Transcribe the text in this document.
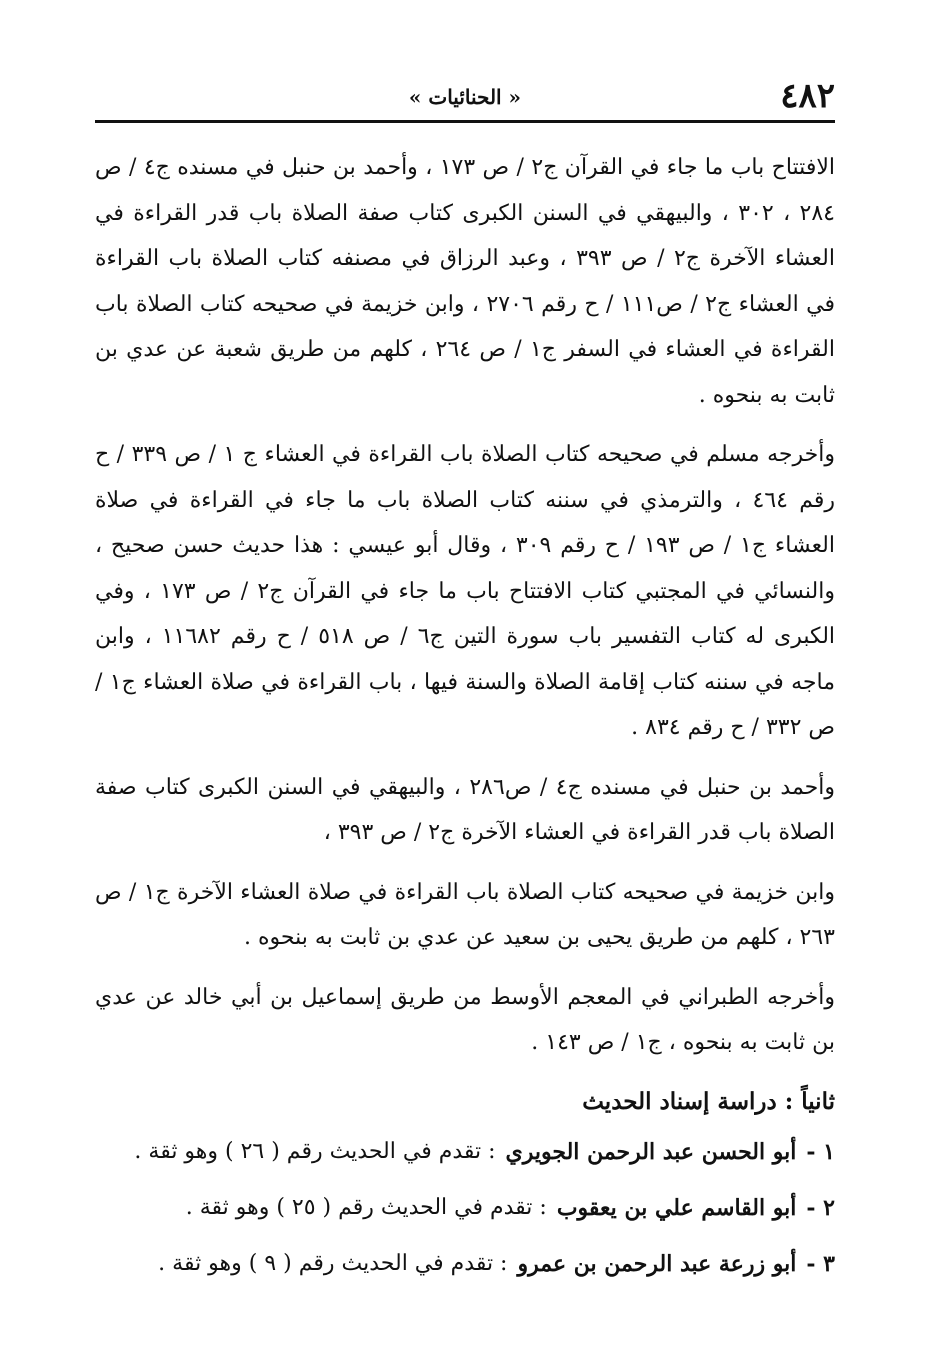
٤٨٢
« الحنائيات »

الافتتاح باب ما جاء في القرآن ج٢ / ص ١٧٣ ، وأحمد بن حنبل في مسنده ج٤ / ص ٢٨٤ ، ٣٠٢ ، والبيهقي في السنن الكبرى كتاب صفة الصلاة باب قدر القراءة في العشاء الآخرة ج٢ / ص ٣٩٣ ، وعبد الرزاق في مصنفه كتاب الصلاة باب القراءة في العشاء ج٢ / ص١١١ / ح رقم ٢٧٠٦ ، وابن خزيمة في صحيحه كتاب الصلاة باب القراءة في العشاء في السفر ج١ / ص ٢٦٤ ، كلهم من طريق شعبة عن عدي بن ثابت به بنحوه .

وأخرجه مسلم في صحيحه كتاب الصلاة باب القراءة في العشاء ج ١ / ص ٣٣٩ / ح رقم ٤٦٤ ، والترمذي في سننه كتاب الصلاة باب ما جاء في القراءة في صلاة العشاء ج١ / ص ١٩٣ / ح رقم ٣٠٩ ، وقال أبو عيسي : هذا حديث حسن صحيح ، والنسائي في المجتبي كتاب الافتتاح باب ما جاء في القرآن ج٢ / ص ١٧٣ ، وفي الكبرى له كتاب التفسير باب سورة التين ج٦ / ص ٥١٨ / ح رقم ١١٦٨٢ ، وابن ماجه في سننه كتاب إقامة الصلاة والسنة فيها ، باب القراءة في صلاة العشاء ج١ / ص ٣٣٢ / ح رقم ٨٣٤ .

وأحمد بن حنبل في مسنده ج٤ / ص٢٨٦ ، والبيهقي في السنن الكبرى كتاب صفة الصلاة باب قدر القراءة في العشاء الآخرة ج٢ / ص ٣٩٣ ،

وابن خزيمة في صحيحه كتاب الصلاة باب القراءة في صلاة العشاء الآخرة ج١ / ص ٢٦٣ ، كلهم من طريق يحيى بن سعيد عن عدي بن ثابت به بنحوه .

وأخرجه الطبراني في المعجم الأوسط من طريق إسماعيل بن أبي خالد عن عدي بن ثابت به بنحوه ، ج١ / ص ١٤٣ .

ثانياً : دراسة إسناد الحديث
١ -
أبو الحسن عبد الرحمن الجويري
: تقدم في الحديث رقم ( ٢٦ ) وهو ثقة .
٢ -
أبو القاسم علي بن يعقوب
: تقدم في الحديث رقم ( ٢٥ ) وهو ثقة .
٣ -
أبو زرعة عبد الرحمن بن عمرو
: تقدم في الحديث رقم ( ٩ ) وهو ثقة .
